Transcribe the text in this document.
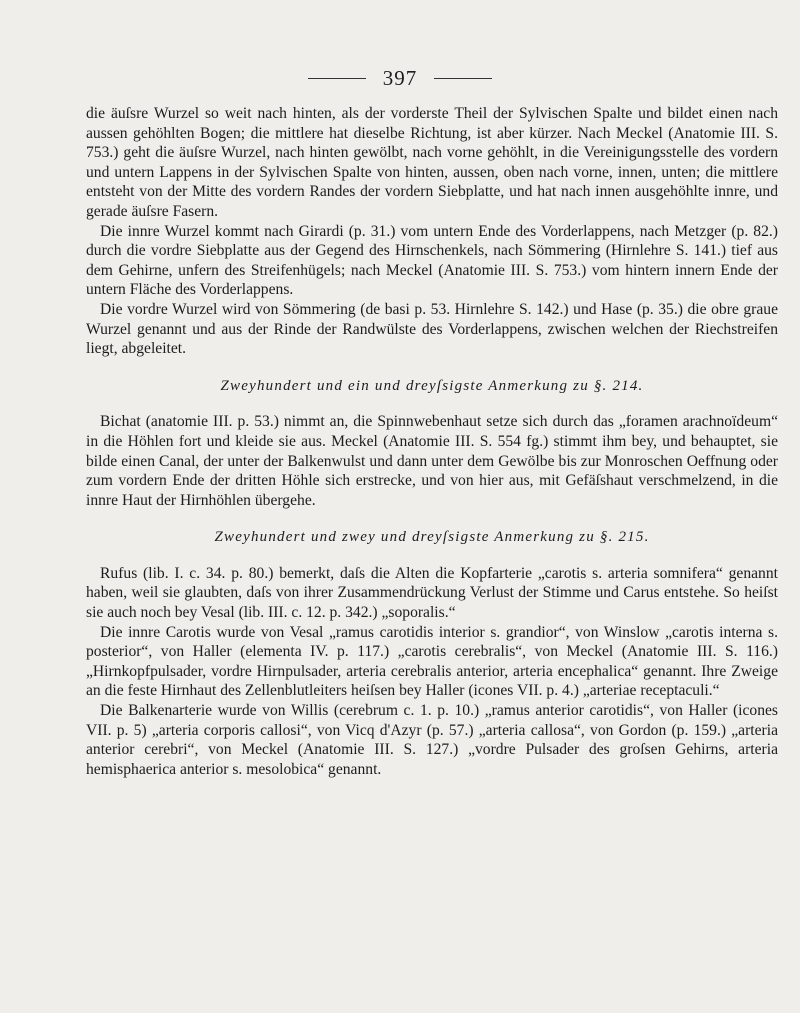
397

die äuſsre Wurzel so weit nach hinten, als der vorderste Theil der Sylvischen Spalte und bildet einen nach aussen gehöhlten Bogen; die mittlere hat dieselbe Richtung, ist aber kürzer. Nach Meckel (Anatomie III. S. 753.) geht die äuſsre Wurzel, nach hinten gewölbt, nach vorne gehöhlt, in die Vereinigungsstelle des vordern und untern Lappens in der Sylvischen Spalte von hinten, aussen, oben nach vorne, innen, unten; die mittlere entsteht von der Mitte des vordern Randes der vordern Siebplatte, und hat nach innen ausgehöhlte innre, und gerade äuſsre Fasern.

Die innre Wurzel kommt nach Girardi (p. 31.) vom untern Ende des Vorderlappens, nach Metzger (p. 82.) durch die vordre Siebplatte aus der Gegend des Hirnschenkels, nach Sömmering (Hirnlehre S. 141.) tief aus dem Gehirne, unfern des Streifenhügels; nach Meckel (Anatomie III. S. 753.) vom hintern innern Ende der untern Fläche des Vorderlappens.

Die vordre Wurzel wird von Sömmering (de basi p. 53. Hirnlehre S. 142.) und Hase (p. 35.) die obre graue Wurzel genannt und aus der Rinde der Randwülste des Vorderlappens, zwischen welchen der Riechstreifen liegt, abgeleitet.

Zweyhundert und ein und dreyſsigste Anmerkung zu §. 214.

Bichat (anatomie III. p. 53.) nimmt an, die Spinnwebenhaut setze sich durch das „foramen arachnoïdeum“ in die Höhlen fort und kleide sie aus. Meckel (Anatomie III. S. 554 fg.) stimmt ihm bey, und behauptet, sie bilde einen Canal, der unter der Balkenwulst und dann unter dem Gewölbe bis zur Monroschen Oeffnung oder zum vordern Ende der dritten Höhle sich erstrecke, und von hier aus, mit Gefäſshaut verschmelzend, in die innre Haut der Hirnhöhlen übergehe.

Zweyhundert und zwey und dreyſsigste Anmerkung zu §. 215.

Rufus (lib. I. c. 34. p. 80.) bemerkt, daſs die Alten die Kopfarterie „carotis s. arteria somnifera“ genannt haben, weil sie glaubten, daſs von ihrer Zusammendrückung Verlust der Stimme und Carus entstehe. So heiſst sie auch noch bey Vesal (lib. III. c. 12. p. 342.) „soporalis.“

Die innre Carotis wurde von Vesal „ramus carotidis interior s. grandior“, von Winslow „carotis interna s. posterior“, von Haller (elementa IV. p. 117.) „carotis cerebralis“, von Meckel (Anatomie III. S. 116.) „Hirnkopfpulsader, vordre Hirnpulsader, arteria cerebralis anterior, arteria encephalica“ genannt. Ihre Zweige an die feste Hirnhaut des Zellenblutleiters heiſsen bey Haller (icones VII. p. 4.) „arteriae receptaculi.“

Die Balkenarterie wurde von Willis (cerebrum c. 1. p. 10.) „ramus anterior carotidis“, von Haller (icones VII. p. 5) „arteria corporis callosi“, von Vicq d'Azyr (p. 57.) „arteria callosa“, von Gordon (p. 159.) „arteria anterior cerebri“, von Meckel (Anatomie III. S. 127.) „vordre Pulsader des groſsen Gehirns, arteria hemisphaerica anterior s. mesolobica“ genannt.
